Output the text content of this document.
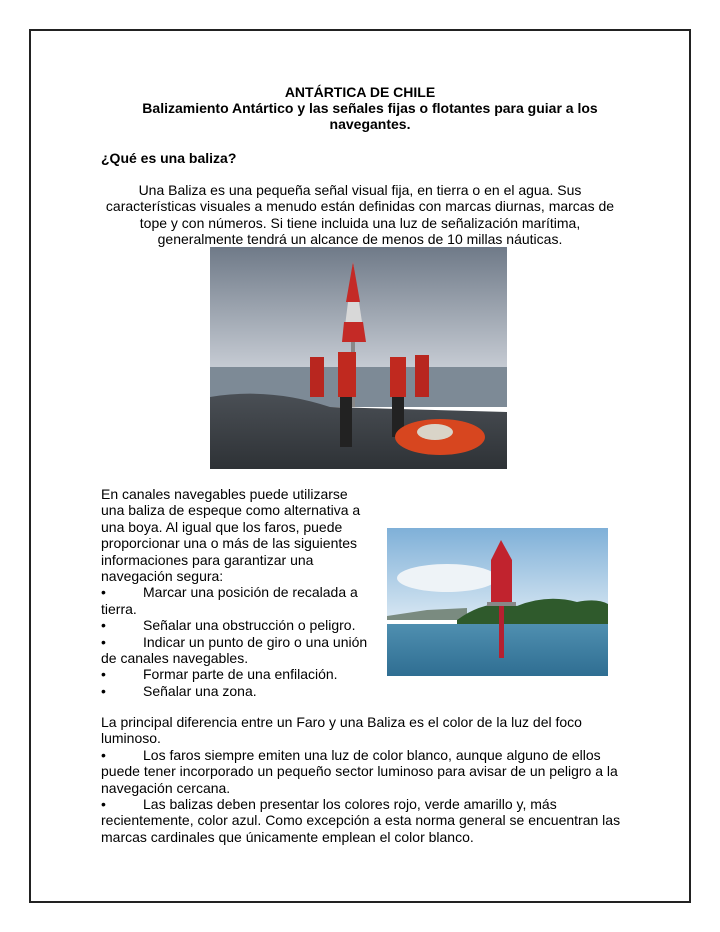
ANTÁRTICA DE CHILE
Balizamiento Antártico y las señales fijas o flotantes para guiar a los navegantes.
¿Qué es una baliza?
Una Baliza es una pequeña señal visual fija, en tierra o en el agua. Sus características visuales a menudo están definidas con marcas diurnas, marcas de tope y con números. Si tiene incluida una luz de señalización marítima, generalmente tendrá un alcance de menos de 10 millas náuticas.
En canales navegables puede utilizarse una baliza de espeque como alternativa a una boya. Al igual que los faros, puede proporcionar una o más de las siguientes informaciones para garantizar una navegación segura:
•	Marcar una posición de recalada a tierra.
•	Señalar una obstrucción o peligro.
•	Indicar un punto de giro o una unión de canales navegables.
•	Formar parte de una enfilación.
•	Señalar una zona.
La principal diferencia entre un Faro y una Baliza es el color de la luz del foco luminoso.
•	Los faros siempre emiten una luz de color blanco, aunque alguno de ellos puede tener incorporado un pequeño sector luminoso para avisar de un peligro a la navegación cercana.
•	Las balizas deben presentar los colores rojo, verde amarillo y, más recientemente, color azul. Como excepción a esta norma general se encuentran las marcas cardinales que únicamente emplean el color blanco.
